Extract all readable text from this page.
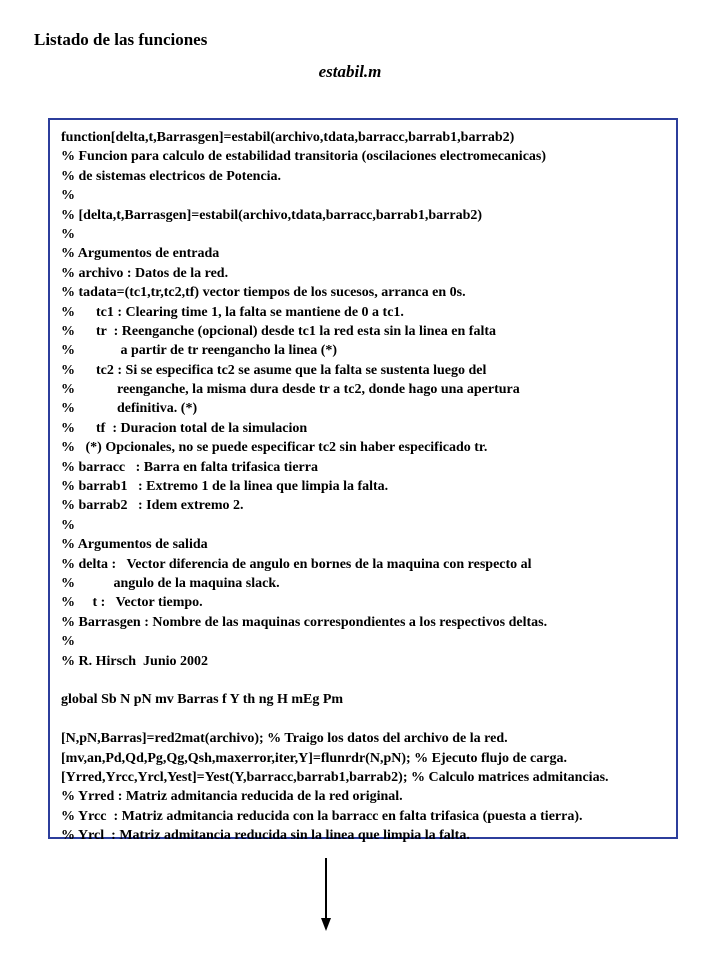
Listado de las funciones
estabil.m
function[delta,t,Barrasgen]=estabil(archivo,tdata,barracc,barrab1,barrab2)
% Funcion para calculo de estabilidad transitoria (oscilaciones electromecanicas)
% de sistemas electricos de Potencia.
%
% [delta,t,Barrasgen]=estabil(archivo,tdata,barracc,barrab1,barrab2)
%
% Argumentos de entrada
% archivo : Datos de la red.
% tadata=(tc1,tr,tc2,tf) vector tiempos de los sucesos, arranca en 0s.
%      tc1 : Clearing time 1, la falta se mantiene de 0 a tc1.
%      tr  : Reenganche (opcional) desde tc1 la red esta sin la linea en falta
%             a partir de tr reengancho la linea (*)
%      tc2 : Si se especifica tc2 se asume que la falta se sustenta luego del
%            reenganche, la misma dura desde tr a tc2, donde hago una apertura
%            definitiva. (*)
%      tf  : Duracion total de la simulacion
%   (*) Opcionales, no se puede especificar tc2 sin haber especificado tr.
% barracc   : Barra en falta trifasica tierra
% barrab1   : Extremo 1 de la linea que limpia la falta.
% barrab2   : Idem extremo 2.
%
% Argumentos de salida
% delta :   Vector diferencia de angulo en bornes de la maquina con respecto al
%           angulo de la maquina slack.
%     t :   Vector tiempo.
% Barrasgen : Nombre de las maquinas correspondientes a los respectivos deltas.
%
% R. Hirsch  Junio 2002
global Sb N pN mv Barras f Y th ng H mEg Pm
[N,pN,Barras]=red2mat(archivo); % Traigo los datos del archivo de la red.
[mv,an,Pd,Qd,Pg,Qg,Qsh,maxerror,iter,Y]=flunrdr(N,pN); % Ejecuto flujo de carga.
[Yrred,Yrcc,Yrcl,Yest]=Yest(Y,barracc,barrab1,barrab2); % Calculo matrices admitancias.
% Yrred : Matriz admitancia reducida de la red original.
% Yrcc  : Matriz admitancia reducida con la barracc en falta trifasica (puesta a tierra).
% Yrcl  : Matriz admitancia reducida sin la linea que limpia la falta.
